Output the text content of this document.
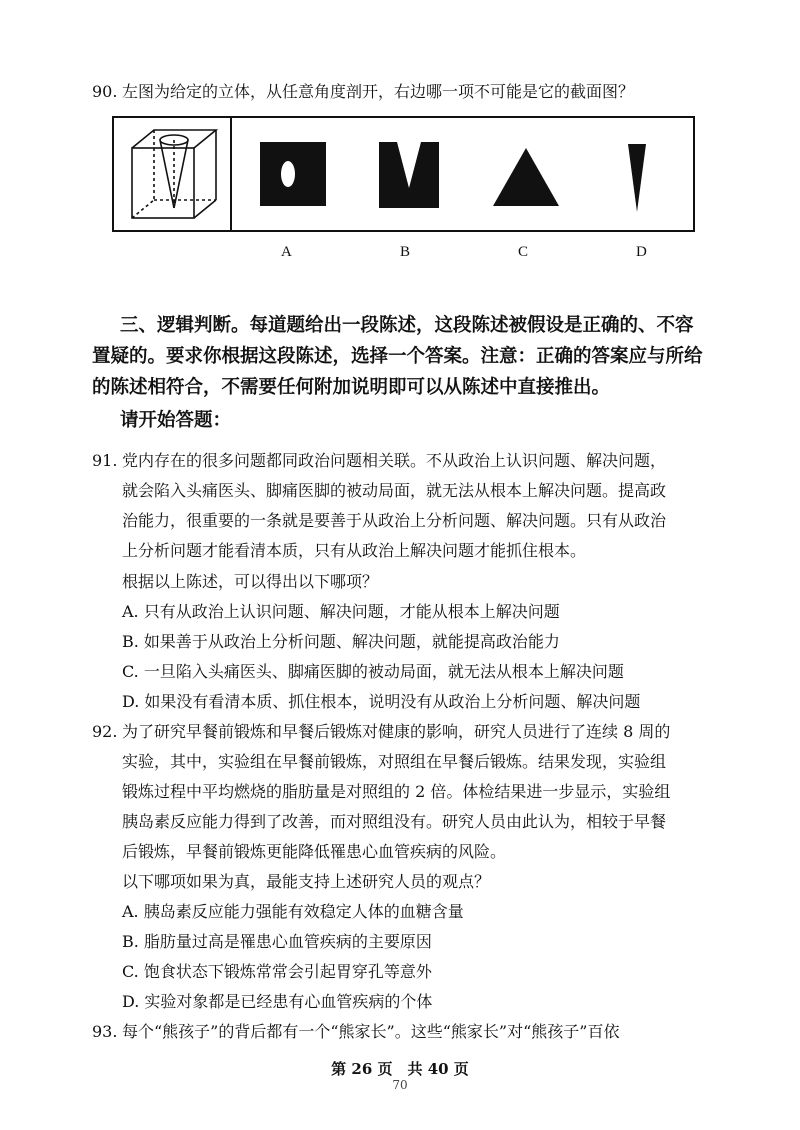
90. 左图为给定的立体，从任意角度剖开，右边哪一项不可能是它的截面图？
A	B	C	D
三、逻辑判断。每道题给出一段陈述，这段陈述被假设是正确的、不容
置疑的。要求你根据这段陈述，选择一个答案。注意：正确的答案应与所给
的陈述相符合，不需要任何附加说明即可以从陈述中直接推出。
请开始答题：
91. 党内存在的很多问题都同政治问题相关联。不从政治上认识问题、解决问题，
就会陷入头痛医头、脚痛医脚的被动局面，就无法从根本上解决问题。提高政
治能力，很重要的一条就是要善于从政治上分析问题、解决问题。只有从政治
上分析问题才能看清本质，只有从政治上解决问题才能抓住根本。
根据以上陈述，可以得出以下哪项？
A. 只有从政治上认识问题、解决问题，才能从根本上解决问题
B. 如果善于从政治上分析问题、解决问题，就能提高政治能力
C. 一旦陷入头痛医头、脚痛医脚的被动局面，就无法从根本上解决问题
D. 如果没有看清本质、抓住根本，说明没有从政治上分析问题、解决问题
92. 为了研究早餐前锻炼和早餐后锻炼对健康的影响，研究人员进行了连续 8 周的
实验，其中，实验组在早餐前锻炼，对照组在早餐后锻炼。结果发现，实验组
锻炼过程中平均燃烧的脂肪量是对照组的 2 倍。体检结果进一步显示，实验组
胰岛素反应能力得到了改善，而对照组没有。研究人员由此认为，相较于早餐
后锻炼，早餐前锻炼更能降低罹患心血管疾病的风险。
以下哪项如果为真，最能支持上述研究人员的观点？
A. 胰岛素反应能力强能有效稳定人体的血糖含量
B. 脂肪量过高是罹患心血管疾病的主要原因
C. 饱食状态下锻炼常常会引起胃穿孔等意外
D. 实验对象都是已经患有心血管疾病的个体
93. 每个“熊孩子”的背后都有一个“熊家长”。这些“熊家长”对“熊孩子”百依
第 26 页　共 40 页
70
